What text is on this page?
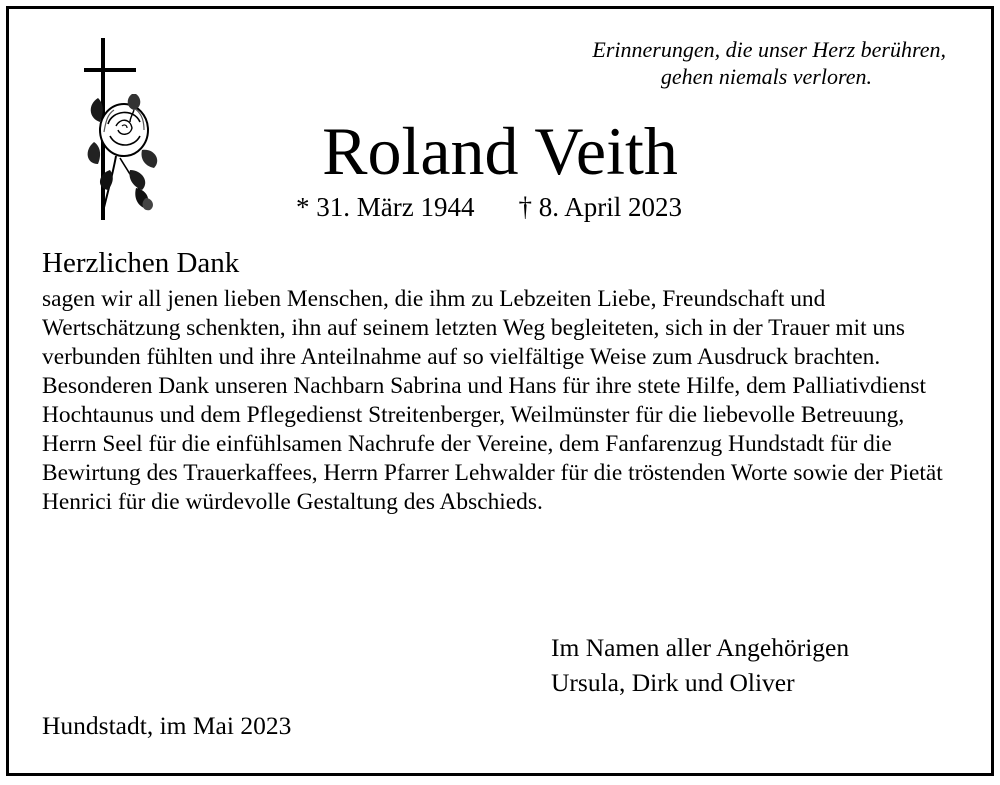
Erinnerungen, die unser Herz berühren,
gehen niemals verloren.
Roland Veith
* 31. März 1944 † 8. April 2023
Herzlichen Dank

sagen wir all jenen lieben Menschen, die ihm zu Lebzeiten Liebe, Freundschaft und Wertschätzung schenkten, ihn auf seinem letzten Weg begleiteten, sich in der Trauer mit uns verbunden fühlten und ihre Anteilnahme auf so vielfältige Weise zum Ausdruck brachten.

Besonderen Dank unseren Nachbarn Sabrina und Hans für ihre stete Hilfe, dem Palliativdienst Hochtaunus und dem Pflegedienst Streitenberger, Weilmünster für die liebevolle Betreuung, Herrn Seel für die einfühlsamen Nachrufe der Vereine, dem Fanfarenzug Hundstadt für die Bewirtung des Trauerkaffees, Herrn Pfarrer Lehwalder für die tröstenden Worte sowie der Pietät Henrici für die würdevolle Gestaltung des Abschieds.

Im Namen aller Angehörigen
Ursula, Dirk und Oliver
Hundstadt, im Mai 2023
